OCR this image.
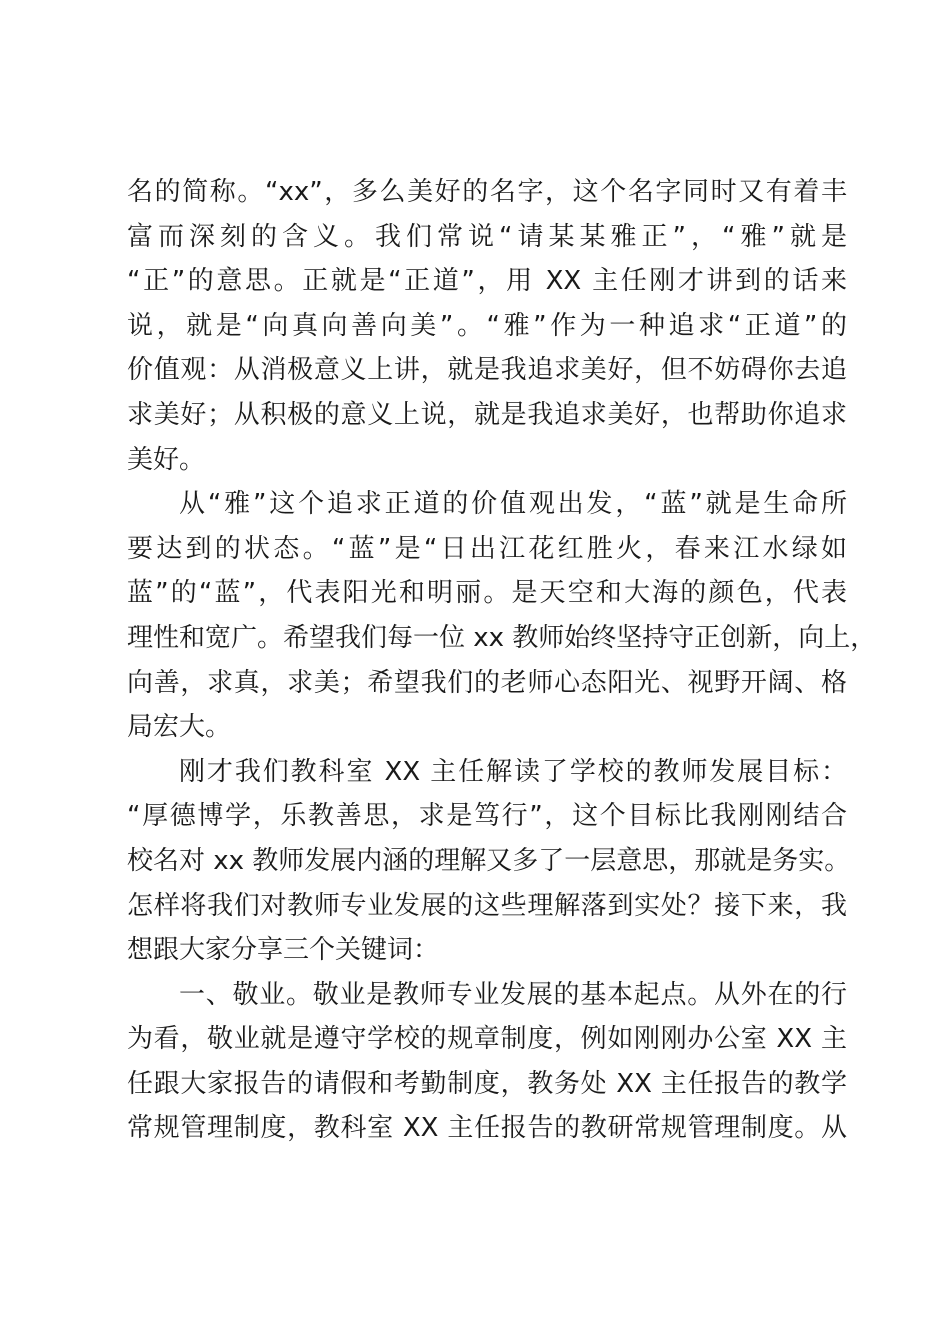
名的简称。“xx”，多么美好的名字，这个名字同时又有着丰
富而深刻的含义。我们常说“请某某雅正”，“雅”就是
“正”的意思。正就是“正道”，用 XX 主任刚才讲到的话来
说，就是“向真向善向美”。“雅”作为一种追求“正道”的
价值观：从消极意义上讲，就是我追求美好，但不妨碍你去追
求美好；从积极的意义上说，就是我追求美好，也帮助你追求
美好。
从“雅”这个追求正道的价值观出发，“蓝”就是生命所
要达到的状态。“蓝”是“日出江花红胜火，春来江水绿如
蓝”的“蓝”，代表阳光和明丽。是天空和大海的颜色，代表
理性和宽广。希望我们每一位 xx 教师始终坚持守正创新，向上，
向善，求真，求美；希望我们的老师心态阳光、视野开阔、格
局宏大。
刚才我们教科室 XX 主任解读了学校的教师发展目标：
“厚德博学，乐教善思，求是笃行”，这个目标比我刚刚结合
校名对 xx 教师发展内涵的理解又多了一层意思，那就是务实。
怎样将我们对教师专业发展的这些理解落到实处？接下来，我
想跟大家分享三个关键词：
一、敬业。敬业是教师专业发展的基本起点。从外在的行
为看，敬业就是遵守学校的规章制度，例如刚刚办公室 XX 主
任跟大家报告的请假和考勤制度，教务处 XX 主任报告的教学
常规管理制度，教科室 XX 主任报告的教研常规管理制度。从
